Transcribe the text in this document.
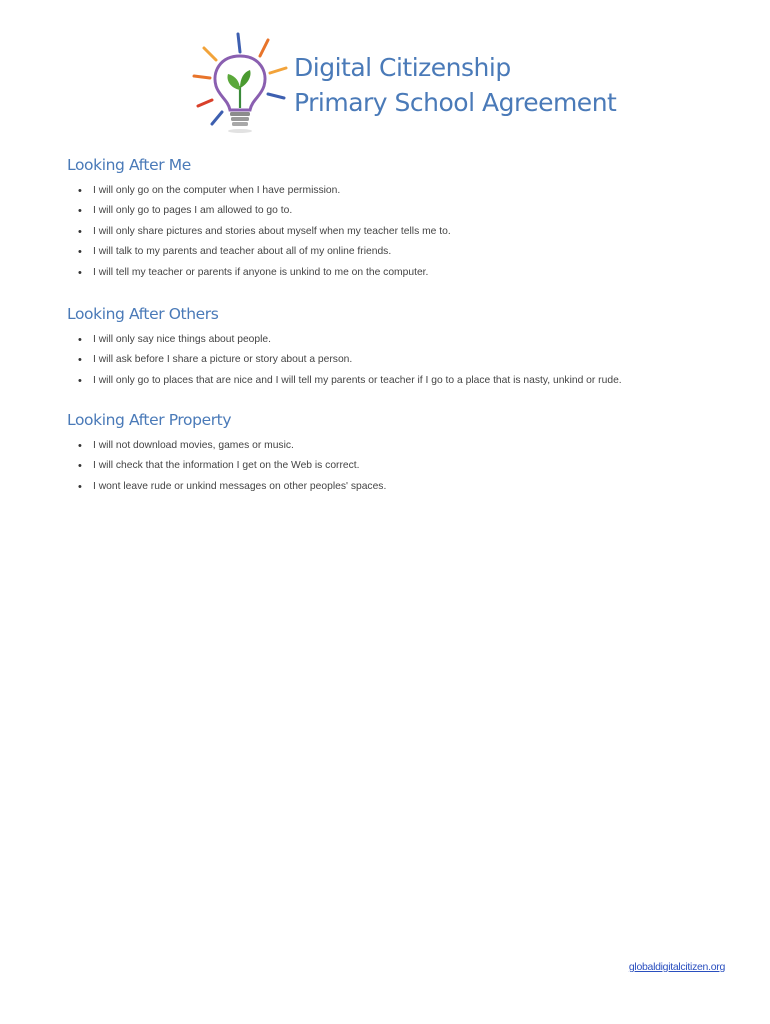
Digital Citizenship
Primary School Agreement
Looking After Me
• I will only go on the computer when I have permission.
• I will only go to pages I am allowed to go to.
• I will only share pictures and stories about myself when my teacher tells me to.
• I will talk to my parents and teacher about all of my online friends.
• I will tell my teacher or parents if anyone is unkind to me on the computer.
Looking After Others
• I will only say nice things about people.
• I will ask before I share a picture or story about a person.
• I will only go to places that are nice and I will tell my parents or teacher if I go to a place that is nasty, unkind or rude.
Looking After Property
• I will not download movies, games or music.
• I will check that the information I get on the Web is correct.
• I wont leave rude or unkind messages on other peoples' spaces.
globaldigitalcitizen.org
